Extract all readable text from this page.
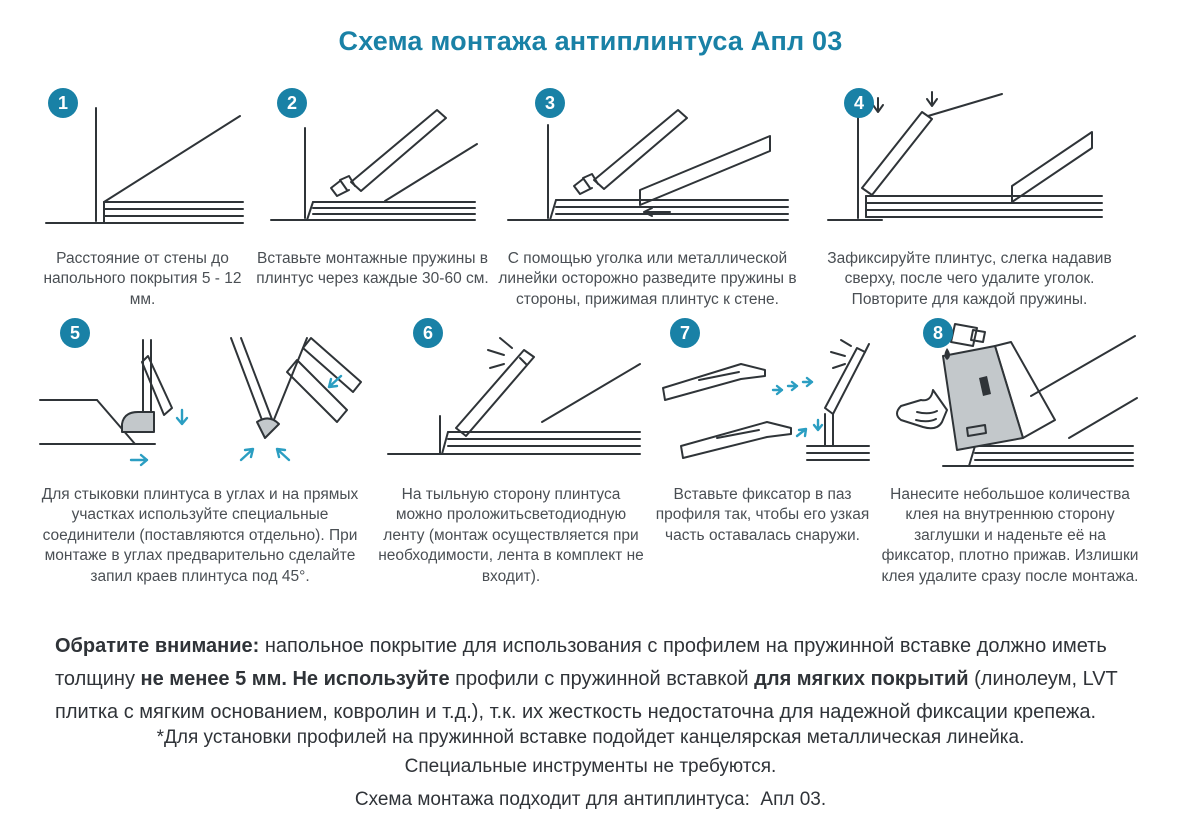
Схема монтажа антиплинтуса Апл 03
1
Расстояние от стены до напольного покрытия 5 - 12 мм.
2
Вставьте монтажные пружины в плинтус через каждые 30-60 см.
3
С помощью уголка или металлической линейки осторожно разведите пружины в стороны, прижимая плинтус к стене.
4
Зафиксируйте плинтус, слегка надавив сверху, после чего удалите уголок. Повторите для каждой пружины.
5
Для стыковки плинтуса в углах и на прямых участках используйте специальные соединители (поставляются отдельно). При монтаже в углах предварительно сделайте запил краев плинтуса под 45°.
6
На тыльную сторону плинтуса можно проложитьсветодиодную ленту (монтаж осуществляется при необходимости, лента в комплект не входит).
7
Вставьте фиксатор в паз профиля так, чтобы его узкая часть оставалась снаружи.
8
Нанесите небольшое количества клея на внутреннюю сторону заглушки и наденьте её на фиксатор, плотно прижав. Излишки клея удалите сразу после монтажа.
Обратите внимание: напольное покрытие для использования с профилем на пружинной вставке должно иметь толщину не менее 5 мм. Не используйте профили с пружинной вставкой для мягких покрытий (линолеум, LVT плитка с мягким основанием, ковролин и т.д.), т.к. их жесткость недостаточна для надежной фиксации крепежа.
*Для установки профилей на пружинной вставке подойдет канцелярская металлическая линейка.
Специальные инструменты не требуются.
Схема монтажа подходит для антиплинтуса:  Апл 03.
